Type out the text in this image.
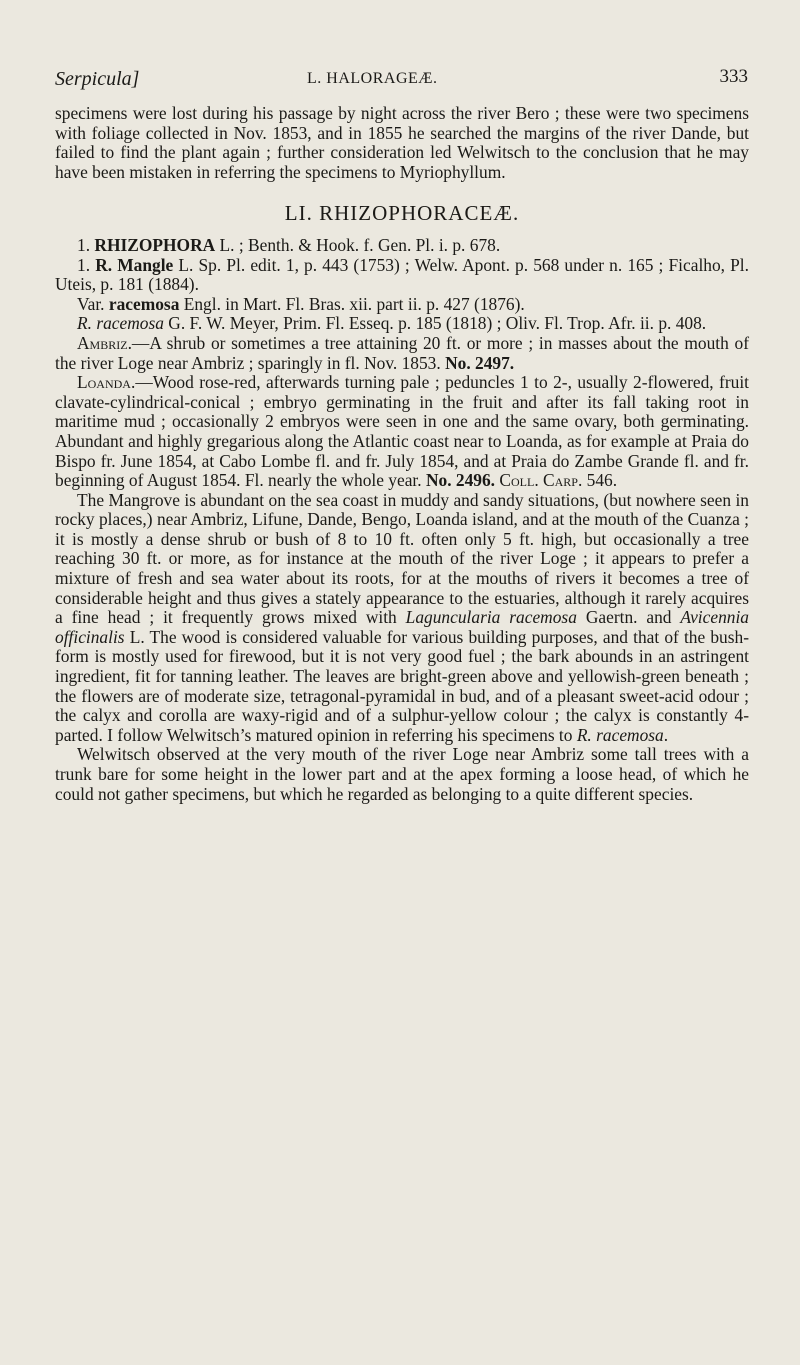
Serpicula]	L. HALORAGEÆ.	333

specimens were lost during his passage by night across the river Bero ; these were two specimens with foliage collected in Nov. 1853, and in 1855 he searched the margins of the river Dande, but failed to find the plant again ; further consideration led Welwitsch to the conclusion that he may have been mistaken in referring the specimens to Myriophyllum.

LI. RHIZOPHORACEÆ.

1. RHIZOPHORA L. ; Benth. & Hook. f. Gen. Pl. i. p. 678.

1. R. Mangle L. Sp. Pl. edit. 1, p. 443 (1753) ; Welw. Apont. p. 568 under n. 165 ; Ficalho, Pl. Uteis, p. 181 (1884).

Var. racemosa Engl. in Mart. Fl. Bras. xii. part ii. p. 427 (1876).

R. racemosa G. F. W. Meyer, Prim. Fl. Esseq. p. 185 (1818) ; Oliv. Fl. Trop. Afr. ii. p. 408.

Ambriz.—A shrub or sometimes a tree attaining 20 ft. or more ; in masses about the mouth of the river Loge near Ambriz ; sparingly in fl. Nov. 1853. No. 2497.

Loanda.—Wood rose-red, afterwards turning pale ; peduncles 1 to 2-, usually 2-flowered, fruit clavate-cylindrical-conical ; embryo germinating in the fruit and after its fall taking root in maritime mud ; occasionally 2 embryos were seen in one and the same ovary, both germinating. Abundant and highly gregarious along the Atlantic coast near to Loanda, as for example at Praia do Bispo fr. June 1854, at Cabo Lombe fl. and fr. July 1854, and at Praia do Zambe Grande fl. and fr. beginning of August 1854. Fl. nearly the whole year. No. 2496. Coll. Carp. 546.

The Mangrove is abundant on the sea coast in muddy and sandy situations, (but nowhere seen in rocky places,) near Ambriz, Lifune, Dande, Bengo, Loanda island, and at the mouth of the Cuanza ; it is mostly a dense shrub or bush of 8 to 10 ft. often only 5 ft. high, but occasionally a tree reaching 30 ft. or more, as for instance at the mouth of the river Loge ; it appears to prefer a mixture of fresh and sea water about its roots, for at the mouths of rivers it becomes a tree of considerable height and thus gives a stately appearance to the estuaries, although it rarely acquires a fine head ; it frequently grows mixed with Laguncularia racemosa Gaertn. and Avicennia officinalis L. The wood is considered valuable for various building purposes, and that of the bush-form is mostly used for firewood, but it is not very good fuel ; the bark abounds in an astringent ingredient, fit for tanning leather. The leaves are bright-green above and yellowish-green beneath ; the flowers are of moderate size, tetragonal-pyramidal in bud, and of a pleasant sweet-acid odour ; the calyx and corolla are waxy-rigid and of a sulphur-yellow colour ; the calyx is constantly 4-parted. I follow Welwitsch’s matured opinion in referring his specimens to R. racemosa.

Welwitsch observed at the very mouth of the river Loge near Ambriz some tall trees with a trunk bare for some height in the lower part and at the apex forming a loose head, of which he could not gather specimens, but which he regarded as belonging to a quite different species.
